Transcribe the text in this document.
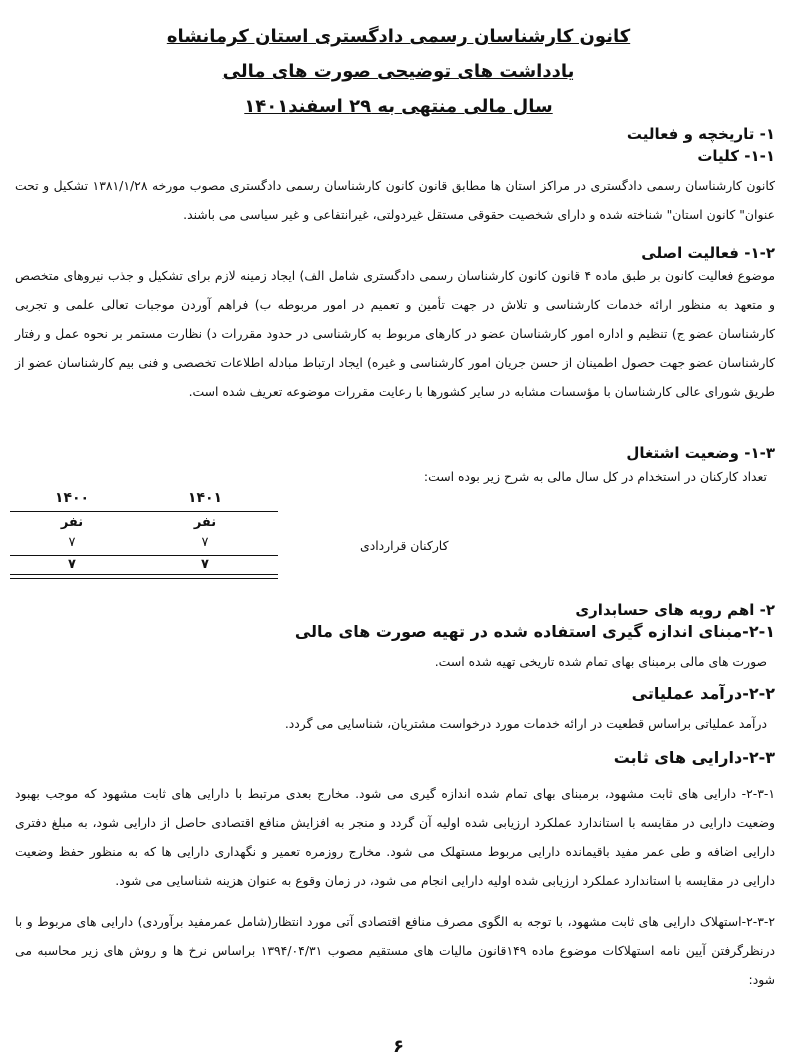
کانون کارشناسان رسمی دادگستری استان کرمانشاه
یادداشت های توضیحی صورت های مالی
سال مالی منتهی به ۲۹ اسفند۱۴۰۱
۱- تاریخچه و فعالیت
۱-۱- کلیات
کانون کارشناسان رسمی دادگستری در مراکز استان ها مطابق قانون کانون کارشناسان رسمی دادگستری مصوب مورخه ۱۳۸۱/۱/۲۸ تشکیل و تحت عنوان" کانون استان" شناخته شده و دارای شخصیت حقوقی مستقل غیردولتی، غیرانتفاعی و غیر سیاسی می باشند.
۱-۲- فعالیت اصلی
موضوع فعالیت کانون بر طبق ماده ۴ قانون کانون کارشناسان رسمی دادگستری شامل الف) ایجاد زمینه لازم برای تشکیل و جذب نیروهای متخصص و متعهد به منظور ارائه خدمات کارشناسی و تلاش در جهت تأمین و تعمیم در امور مربوطه ب) فراهم آوردن موجبات تعالی علمی و تجربی کارشناسان عضو ج) تنظیم و اداره امور کارشناسان عضو در کارهای مربوط به کارشناسی در حدود مقررات د) نظارت مستمر بر نحوه عمل و رفتار کارشناسان عضو جهت حصول اطمینان از حسن جریان امور کارشناسی و غیره) ایجاد ارتباط مبادله اطلاعات تخصصی و فنی بیم کارشناسان عضو از طریق شورای عالی کارشناسان با مؤسسات مشابه در سایر کشورها با رعایت مقررات موضوعه تعریف شده است.
۱-۳- وضعیت اشتغال
تعداد کارکنان در استخدام در کل سال مالی به شرح زیر بوده است:
۱۴۰۱
۱۴۰۰
نفر
نفر
۷
۷	کارکنان قراردادی
۷
۷
۲- اهم رویه های حسابداری
۲-۱-مبنای اندازه گیری استفاده شده در تهیه صورت های مالی
صورت های مالی برمبنای بهای تمام شده تاریخی تهیه شده است.
۲-۲-درآمد عملیاتی
درآمد عملیاتی براساس قطعیت در ارائه خدمات مورد درخواست مشتریان، شناسایی می گردد.
۲-۳-دارایی های ثابت
۲-۳-۱- دارایی های ثابت مشهود، برمبنای بهای تمام شده اندازه گیری می شود. مخارج بعدی مرتبط با دارایی های ثابت مشهود که موجب بهبود وضعیت دارایی در مقایسه با استاندارد عملکرد ارزیابی شده اولیه آن گردد و منجر به افزایش منافع اقتصادی حاصل از دارایی شود، به مبلغ دفتری دارایی اضافه و طی عمر مفید باقیمانده دارایی مربوط مستهلک می شود. مخارج روزمره تعمیر و نگهداری دارایی ها که به منظور حفظ وضعیت دارایی در مقایسه با استاندارد عملکرد ارزیابی شده اولیه دارایی انجام می شود، در زمان وقوع به عنوان هزینه شناسایی می شود.
۲-۳-۲-استهلاک دارایی های ثابت مشهود، با توجه به الگوی مصرف منافع اقتصادی آتی مورد انتظار(شامل عمرمفید برآوردی) دارایی های مربوط و با درنظرگرفتن آیین نامه استهلاکات موضوع ماده ۱۴۹قانون مالیات های مستقیم مصوب ۱۳۹۴/۰۴/۳۱ براساس نرخ ها و روش های زیر محاسبه می شود:
۶
